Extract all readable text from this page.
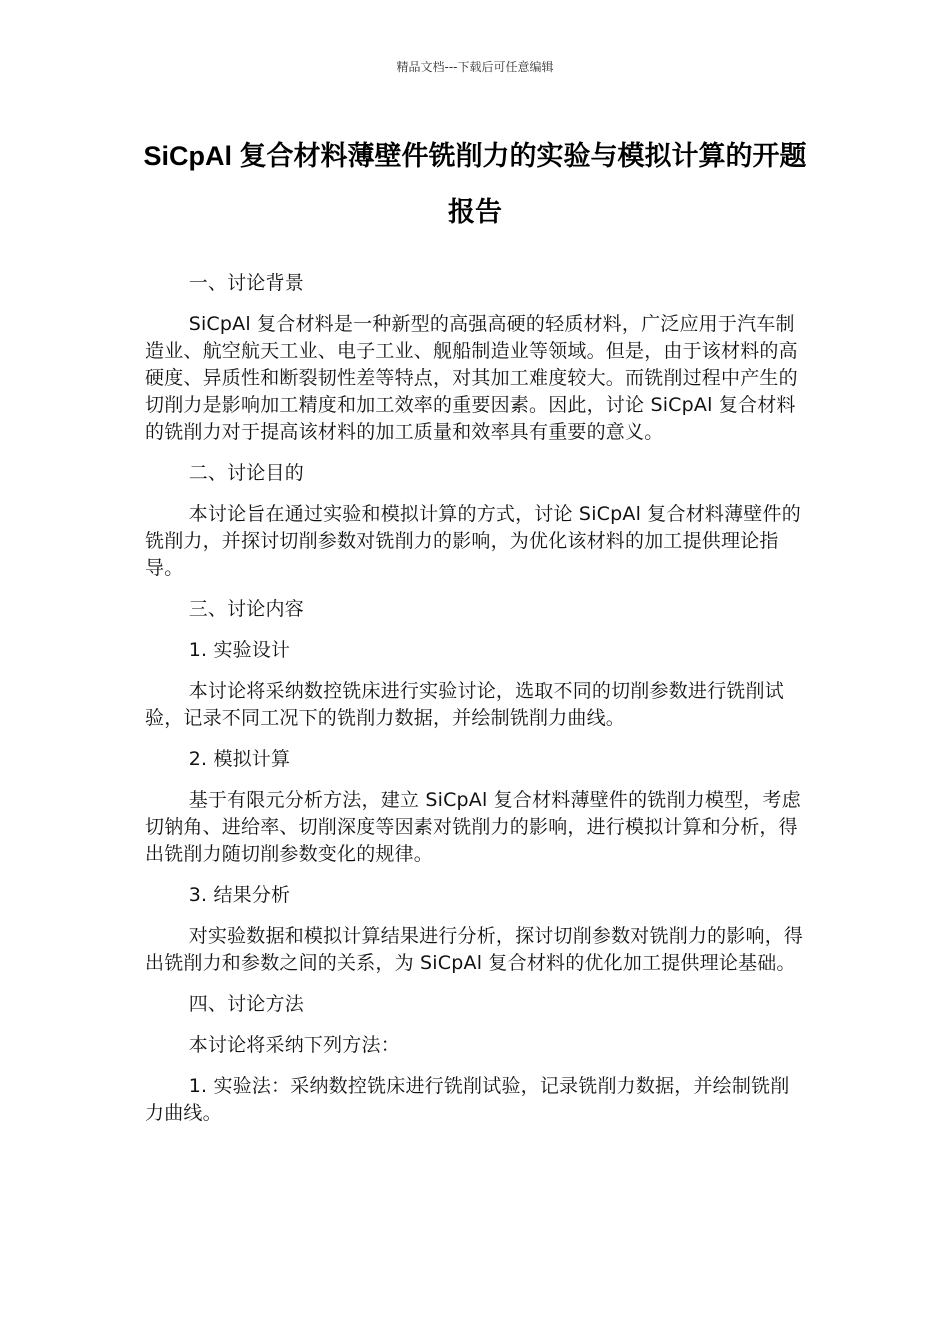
精品文档---下载后可任意编辑
SiCpAl 复合材料薄壁件铣削力的实验与模拟计算的开题报告

一、讨论背景

SiCpAl 复合材料是一种新型的高强高硬的轻质材料，广泛应用于汽车制造业、航空航天工业、电子工业、舰船制造业等领域。但是，由于该材料的高硬度、异质性和断裂韧性差等特点，对其加工难度较大。而铣削过程中产生的切削力是影响加工精度和加工效率的重要因素。因此，讨论 SiCpAl 复合材料的铣削力对于提高该材料的加工质量和效率具有重要的意义。

二、讨论目的

本讨论旨在通过实验和模拟计算的方式，讨论 SiCpAl 复合材料薄壁件的铣削力，并探讨切削参数对铣削力的影响，为优化该材料的加工提供理论指导。

三、讨论内容

1. 实验设计

本讨论将采纳数控铣床进行实验讨论，选取不同的切削参数进行铣削试验，记录不同工况下的铣削力数据，并绘制铣削力曲线。

2. 模拟计算

基于有限元分析方法，建立 SiCpAl 复合材料薄壁件的铣削力模型，考虑切钠角、进给率、切削深度等因素对铣削力的影响，进行模拟计算和分析，得出铣削力随切削参数变化的规律。

3. 结果分析

对实验数据和模拟计算结果进行分析，探讨切削参数对铣削力的影响，得出铣削力和参数之间的关系，为 SiCpAl 复合材料的优化加工提供理论基础。

四、讨论方法

本讨论将采纳下列方法：

1. 实验法：采纳数控铣床进行铣削试验，记录铣削力数据，并绘制铣削力曲线。
